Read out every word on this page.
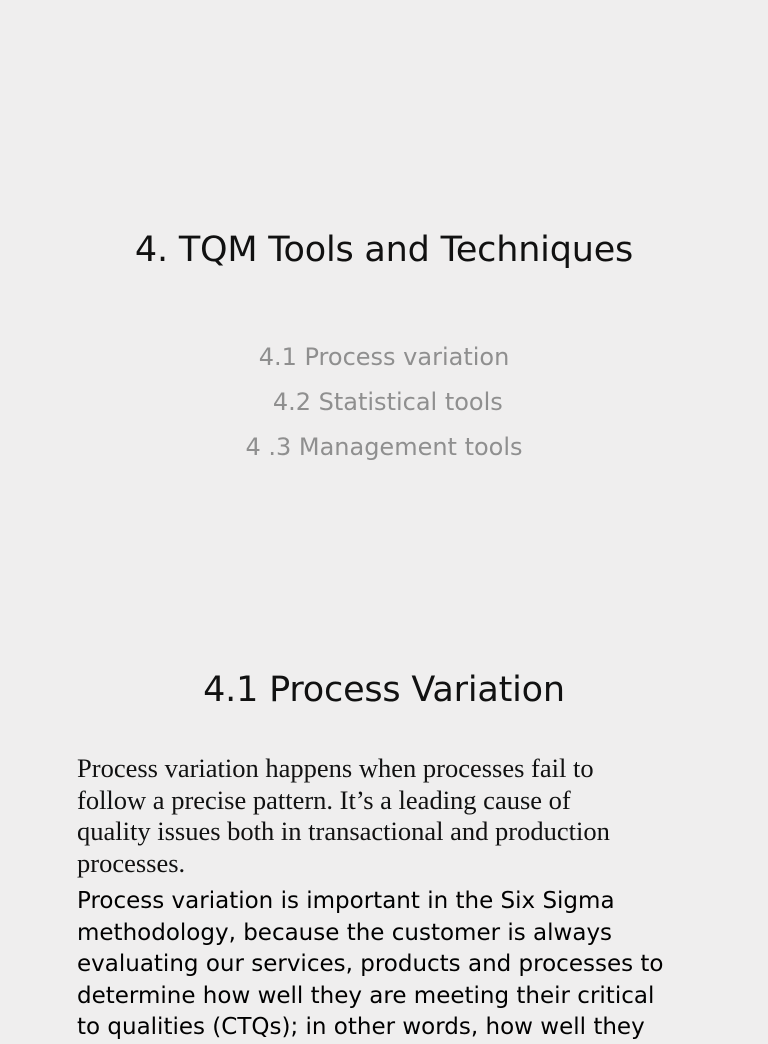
4. TQM Tools and Techniques
4.1 Process variation
4.2 Statistical tools
4 .3 Management tools
4.1 Process Variation
Process variation happens when processes fail to
follow a precise pattern. It’s a leading cause of
quality issues both in transactional and production
processes.
Process variation is important in the Six Sigma
methodology, because the customer is always
evaluating our services, products and processes to
determine how well they are meeting their critical
to qualities (CTQs); in other words, how well they
